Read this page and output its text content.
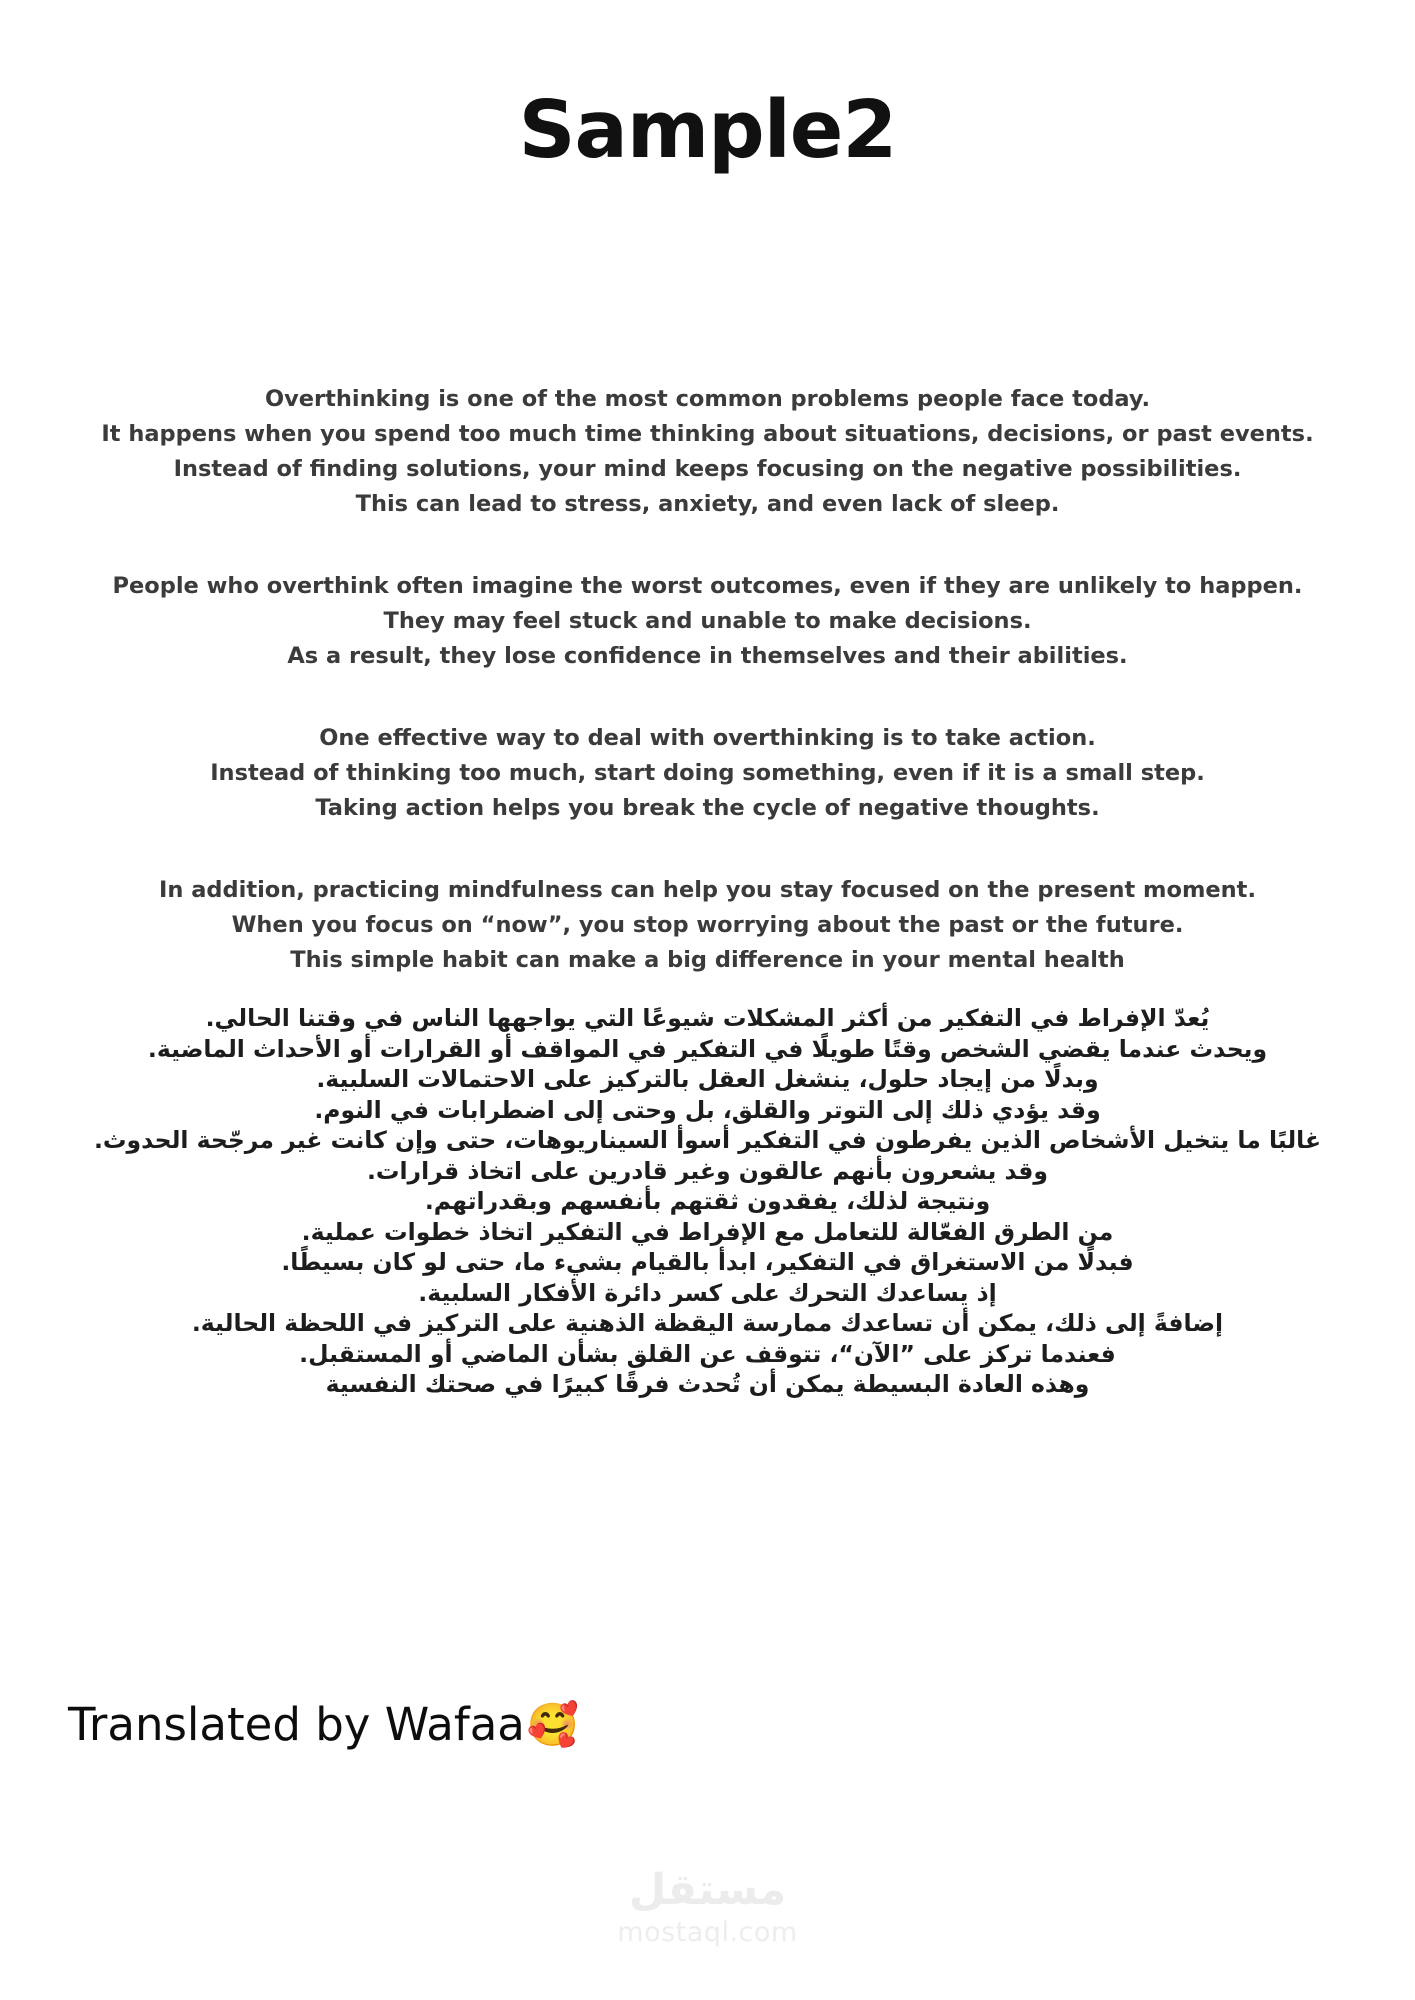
Sample2
Overthinking is one of the most common problems people face today.
It happens when you spend too much time thinking about situations, decisions, or past events.
Instead of finding solutions, your mind keeps focusing on the negative possibilities.
This can lead to stress, anxiety, and even lack of sleep.
People who overthink often imagine the worst outcomes, even if they are unlikely to happen.
They may feel stuck and unable to make decisions.
As a result, they lose confidence in themselves and their abilities.
One effective way to deal with overthinking is to take action.
Instead of thinking too much, start doing something, even if it is a small step.
Taking action helps you break the cycle of negative thoughts.
In addition, practicing mindfulness can help you stay focused on the present moment.
When you focus on “now”, you stop worrying about the past or the future.
This simple habit can make a big difference in your mental health
يُعدّ الإفراط في التفكير من أكثر المشكلات شيوعًا التي يواجهها الناس في وقتنا الحالي.
ويحدث عندما يقضي الشخص وقتًا طويلًا في التفكير في المواقف أو القرارات أو الأحداث الماضية.
وبدلًا من إيجاد حلول، ينشغل العقل بالتركيز على الاحتمالات السلبية.
وقد يؤدي ذلك إلى التوتر والقلق، بل وحتى إلى اضطرابات في النوم.
غالبًا ما يتخيل الأشخاص الذين يفرطون في التفكير أسوأ السيناريوهات، حتى وإن كانت غير مرجّحة الحدوث.
وقد يشعرون بأنهم عالقون وغير قادرين على اتخاذ قرارات.
ونتيجة لذلك، يفقدون ثقتهم بأنفسهم وبقدراتهم.
من الطرق الفعّالة للتعامل مع الإفراط في التفكير اتخاذ خطوات عملية.
فبدلًا من الاستغراق في التفكير، ابدأ بالقيام بشيء ما، حتى لو كان بسيطًا.
إذ يساعدك التحرك على كسر دائرة الأفكار السلبية.
إضافةً إلى ذلك، يمكن أن تساعدك ممارسة اليقظة الذهنية على التركيز في اللحظة الحالية.
فعندما تركز على ”الآن“، تتوقف عن القلق بشأن الماضي أو المستقبل.
وهذه العادة البسيطة يمكن أن تُحدث فرقًا كبيرًا في صحتك النفسية
Translated by Wafaa 🥰
مستقل
mostaql.com
